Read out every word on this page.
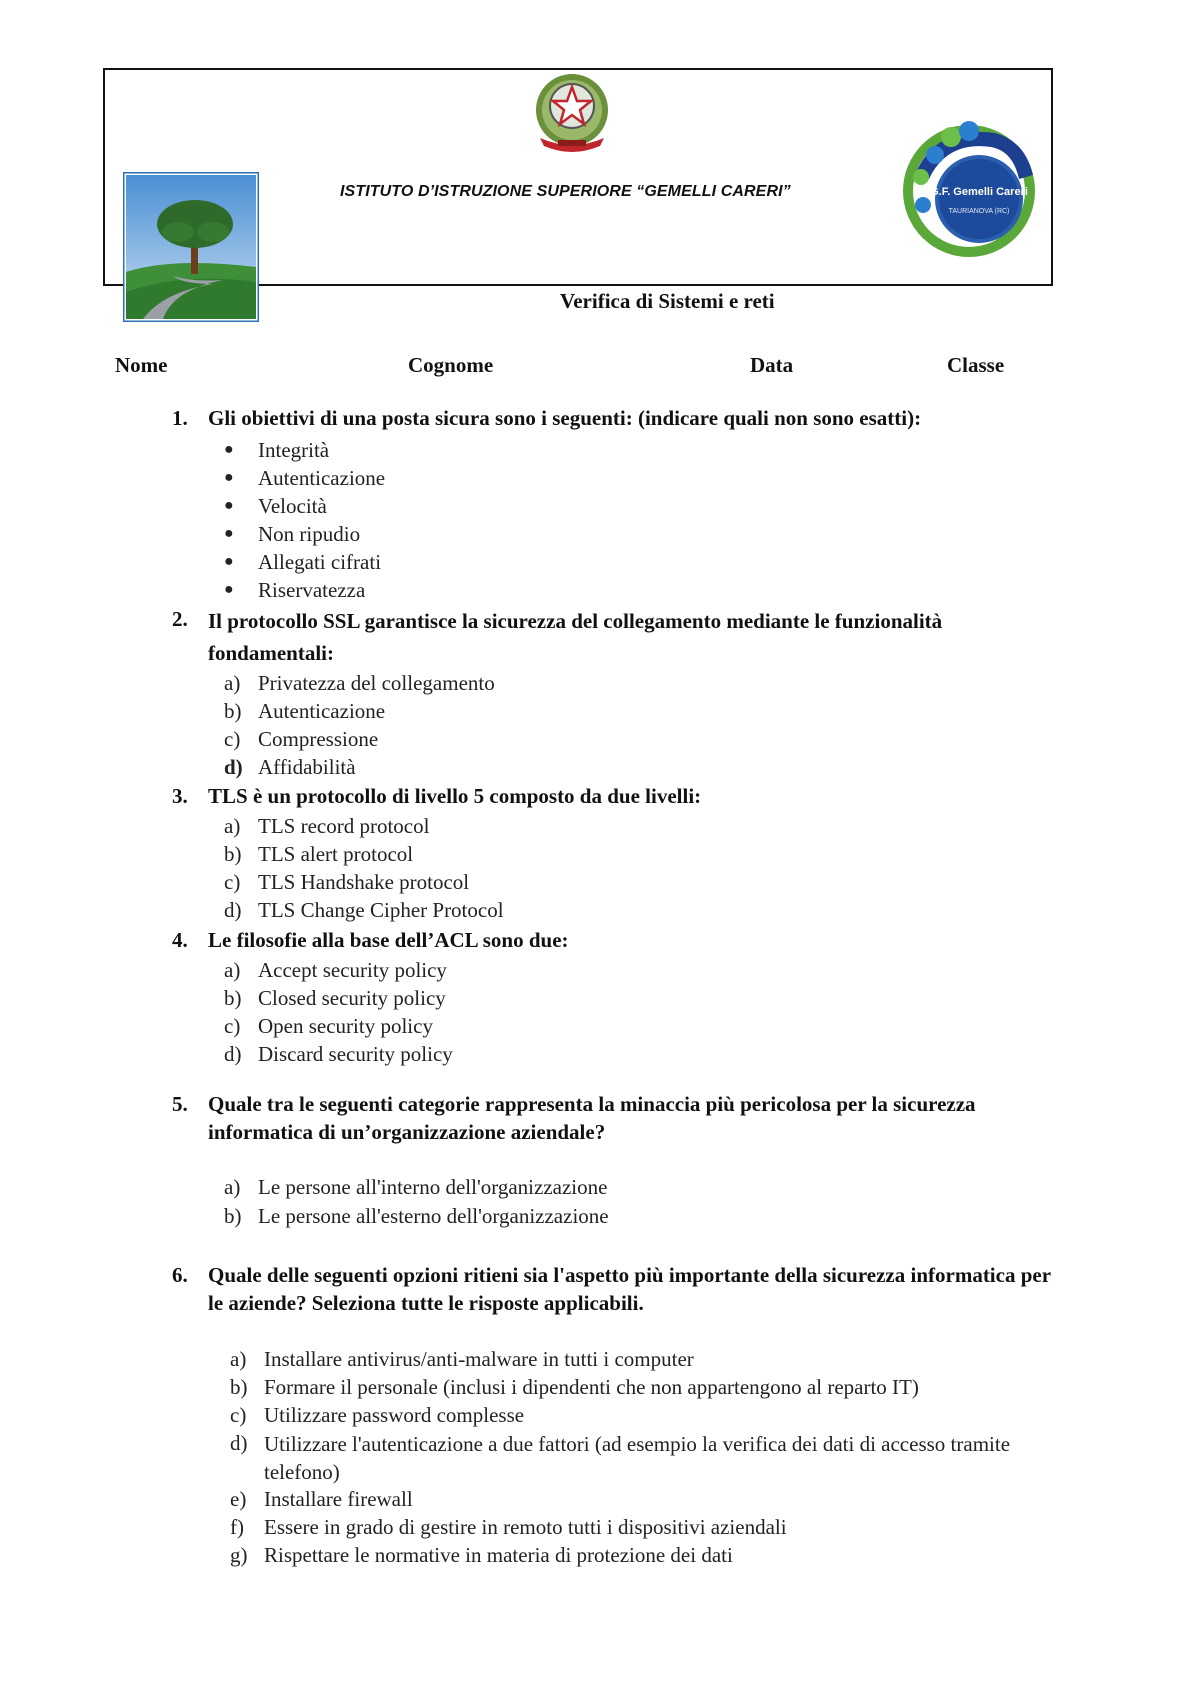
G.F. Gemelli Careri
TAURIANOVA (RC)
ISTITUTO D’ISTRUZIONE SUPERIORE “GEMELLI CARERI”
Verifica di Sistemi e reti
Nome	Cognome	Data	Classe
1. Gli obiettivi di una posta sicura sono i seguenti: (indicare quali non sono esatti):
● Integrità
● Autenticazione
● Velocità
● Non ripudio
● Allegati cifrati
● Riservatezza
2. Il protocollo SSL garantisce la sicurezza del collegamento mediante le funzionalità fondamentali:
a) Privatezza del collegamento
b) Autenticazione
c) Compressione
d) Affidabilità
3. TLS è un protocollo di livello 5 composto da due livelli:
a) TLS record protocol
b) TLS alert protocol
c) TLS Handshake protocol
d) TLS Change Cipher Protocol
4. Le filosofie alla base dell’ACL sono due:
a) Accept security policy
b) Closed security policy
c) Open security policy
d) Discard security policy
5. Quale tra le seguenti categorie rappresenta la minaccia più pericolosa per la sicurezza informatica di un’organizzazione aziendale?
a) Le persone all'interno dell'organizzazione
b) Le persone all'esterno dell'organizzazione
6. Quale delle seguenti opzioni ritieni sia l'aspetto più importante della sicurezza informatica per le aziende? Seleziona tutte le risposte applicabili.
a) Installare antivirus/anti-malware in tutti i computer
b) Formare il personale (inclusi i dipendenti che non appartengono al reparto IT)
c) Utilizzare password complesse
d) Utilizzare l'autenticazione a due fattori (ad esempio la verifica dei dati di accesso tramite telefono)
e) Installare firewall
f) Essere in grado di gestire in remoto tutti i dispositivi aziendali
g) Rispettare le normative in materia di protezione dei dati
